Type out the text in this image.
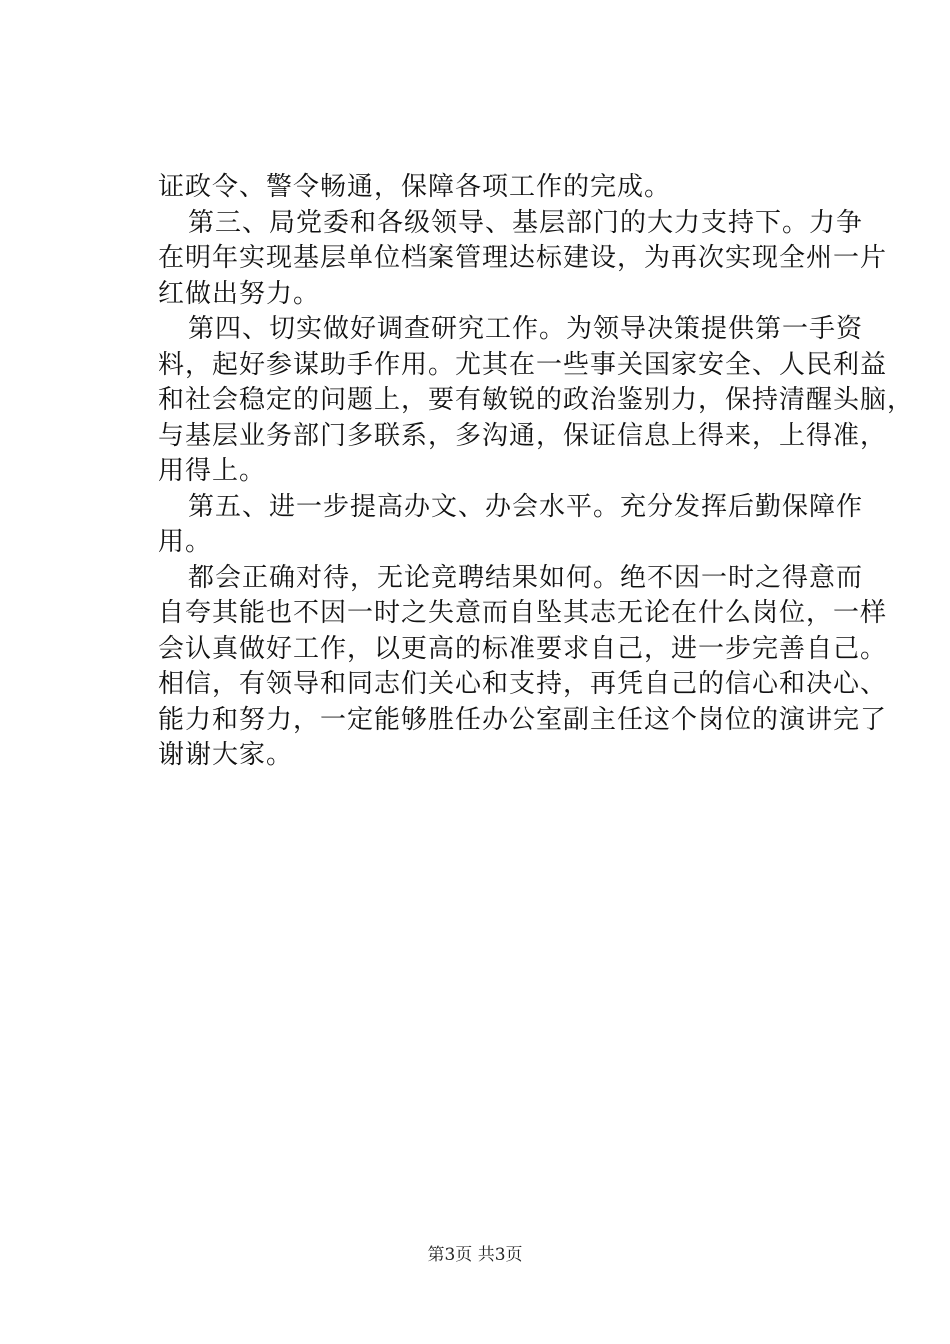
证政令、警令畅通，保障各项工作的完成。
第三、局党委和各级领导、基层部门的大力支持下。力争
在明年实现基层单位档案管理达标建设，为再次实现全州一片
红做出努力。
第四、切实做好调查研究工作。为领导决策提供第一手资
料，起好参谋助手作用。尤其在一些事关国家安全、人民利益
和社会稳定的问题上，要有敏锐的政治鉴别力，保持清醒头脑，
与基层业务部门多联系，多沟通，保证信息上得来，上得准，
用得上。
第五、进一步提高办文、办会水平。充分发挥后勤保障作
用。
都会正确对待，无论竞聘结果如何。绝不因一时之得意而
自夸其能也不因一时之失意而自坠其志无论在什么岗位，一样
会认真做好工作，以更高的标准要求自己，进一步完善自己。
相信，有领导和同志们关心和支持，再凭自己的信心和决心、
能力和努力，一定能够胜任办公室副主任这个岗位的演讲完了
谢谢大家。
第3页 共3页
